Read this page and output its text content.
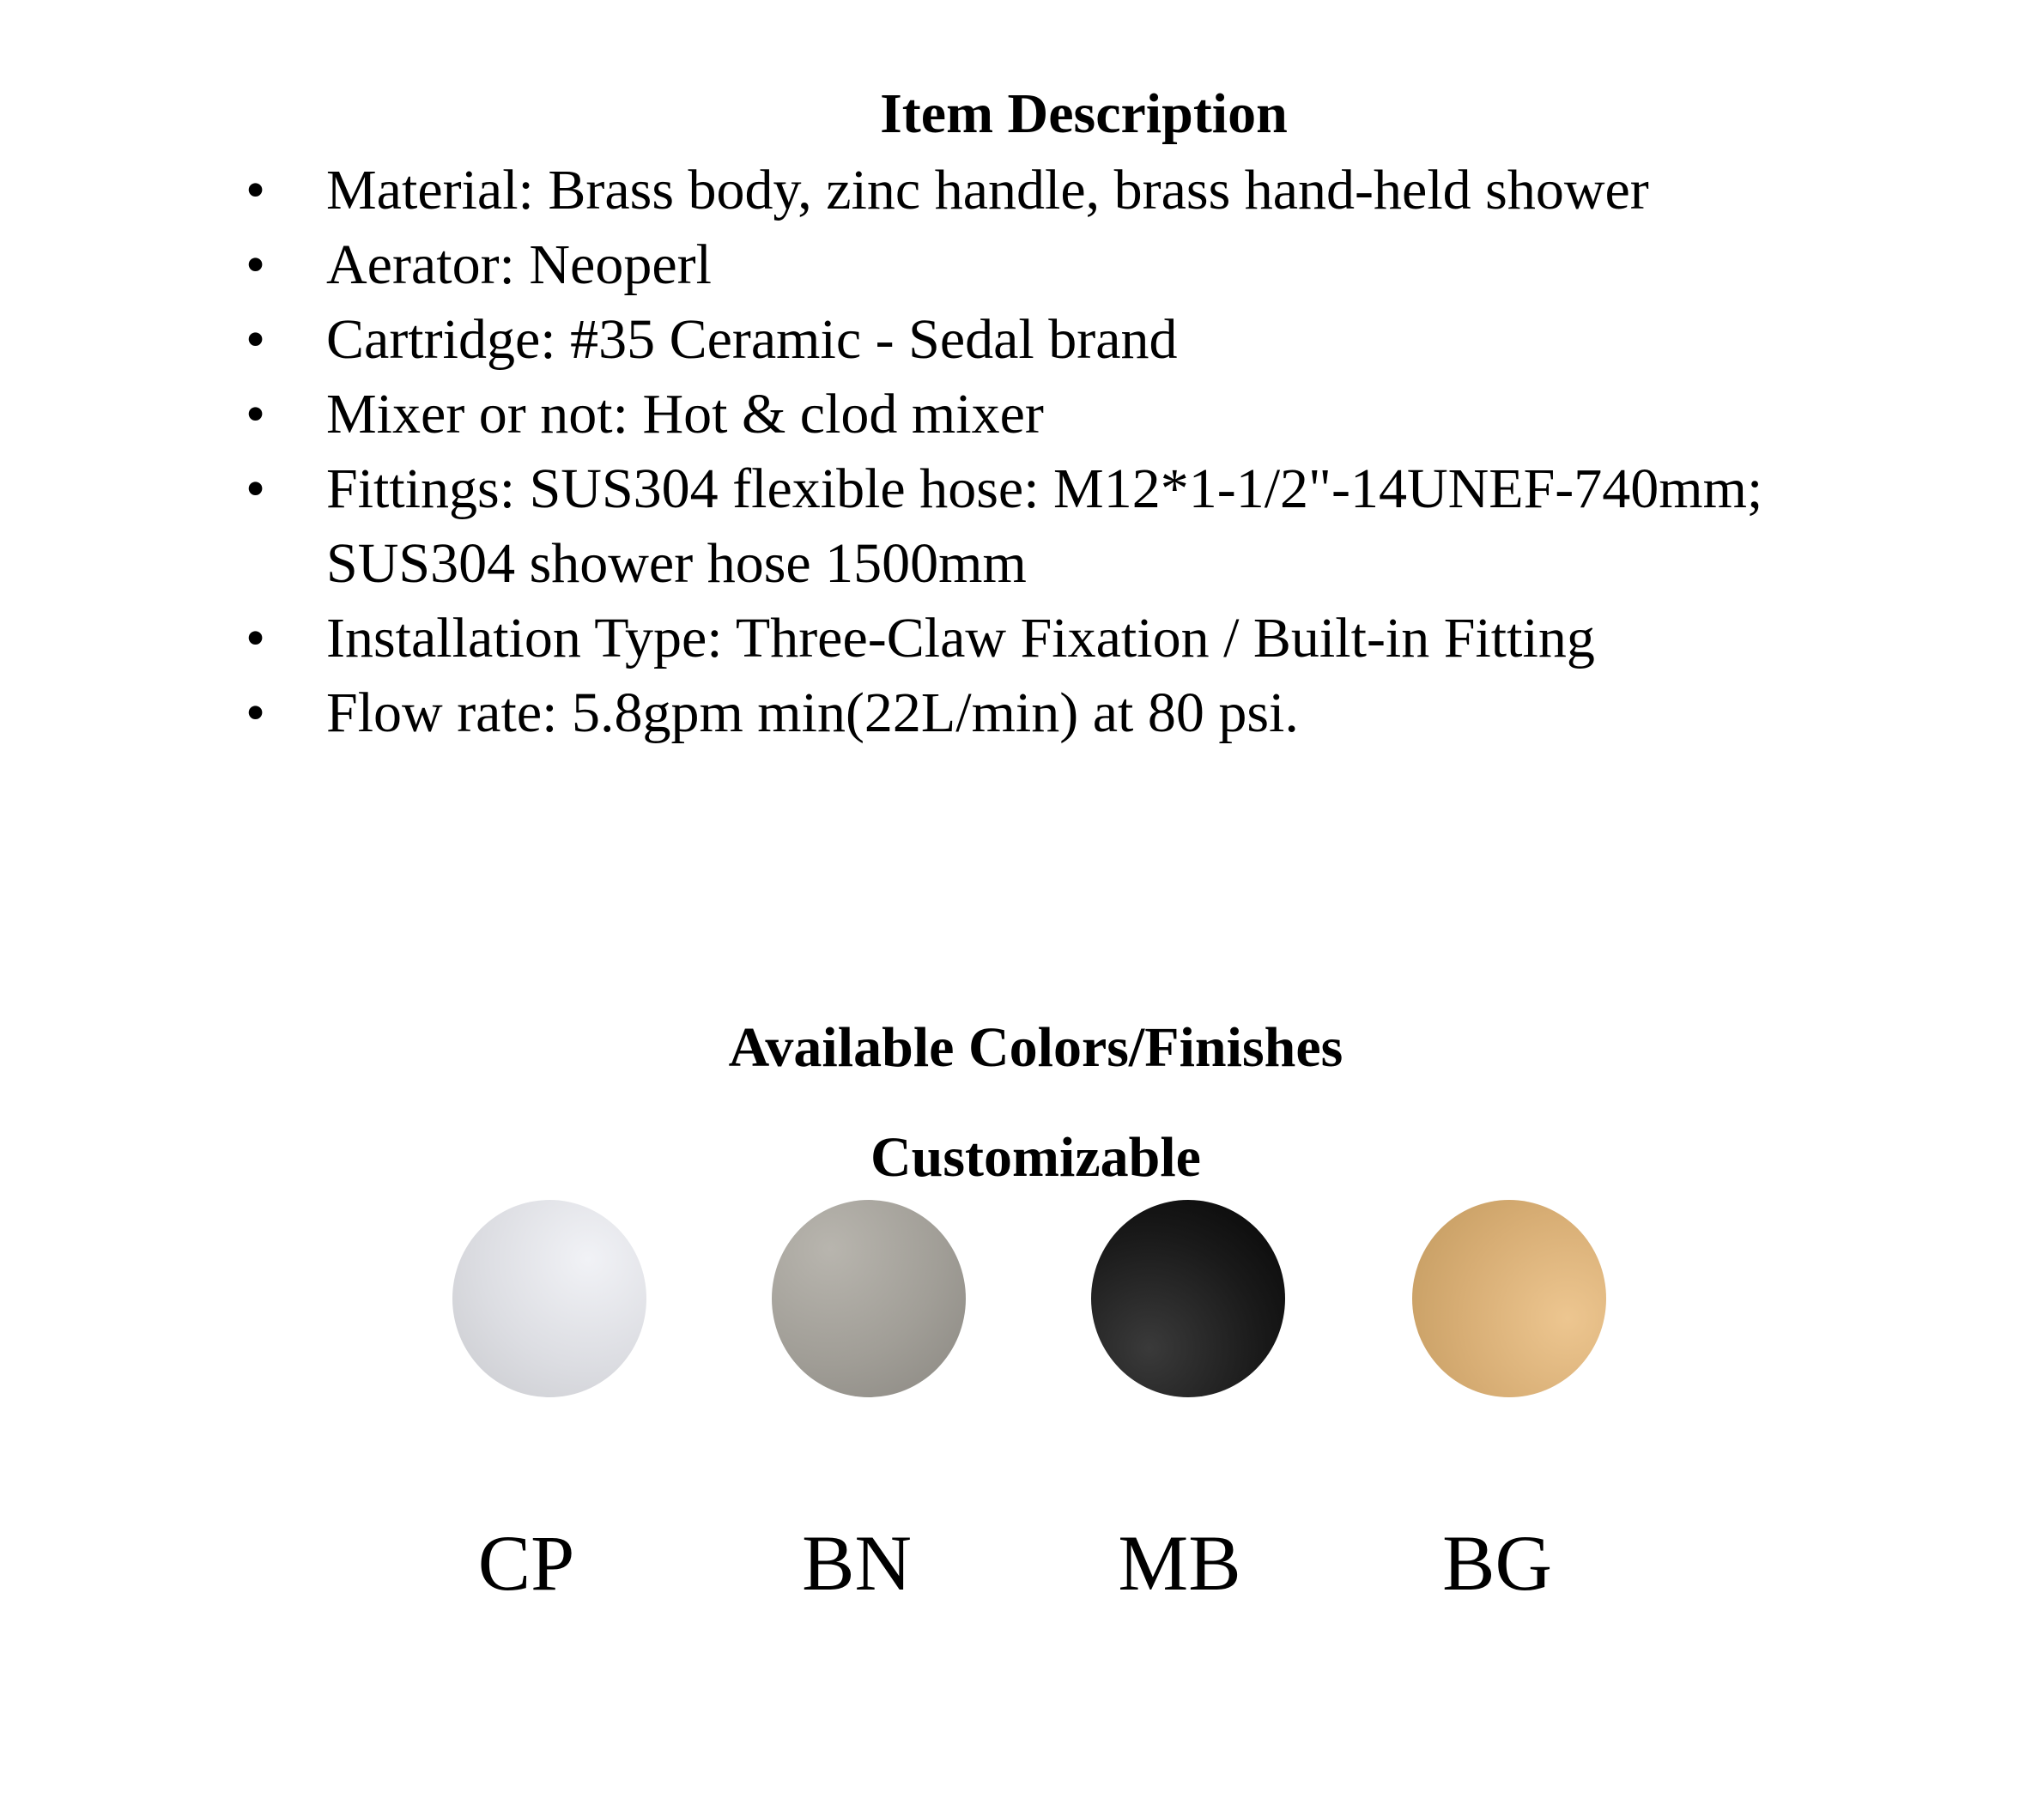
Item Description
• Material: Brass body, zinc handle, brass hand-held shower
• Aerator: Neoperl
• Cartridge: #35 Ceramic - Sedal brand
• Mixer or not: Hot & clod mixer
• Fittings: SUS304 flexible hose: M12*1-1/2"-14UNEF-740mm; SUS304 shower hose 1500mm
• Installation Type: Three-Claw Fixation / Built-in Fitting
• Flow rate: 5.8gpm min(22L/min) at 80 psi.
Available Colors/Finishes
Customizable
CP	BN	MB	BG
